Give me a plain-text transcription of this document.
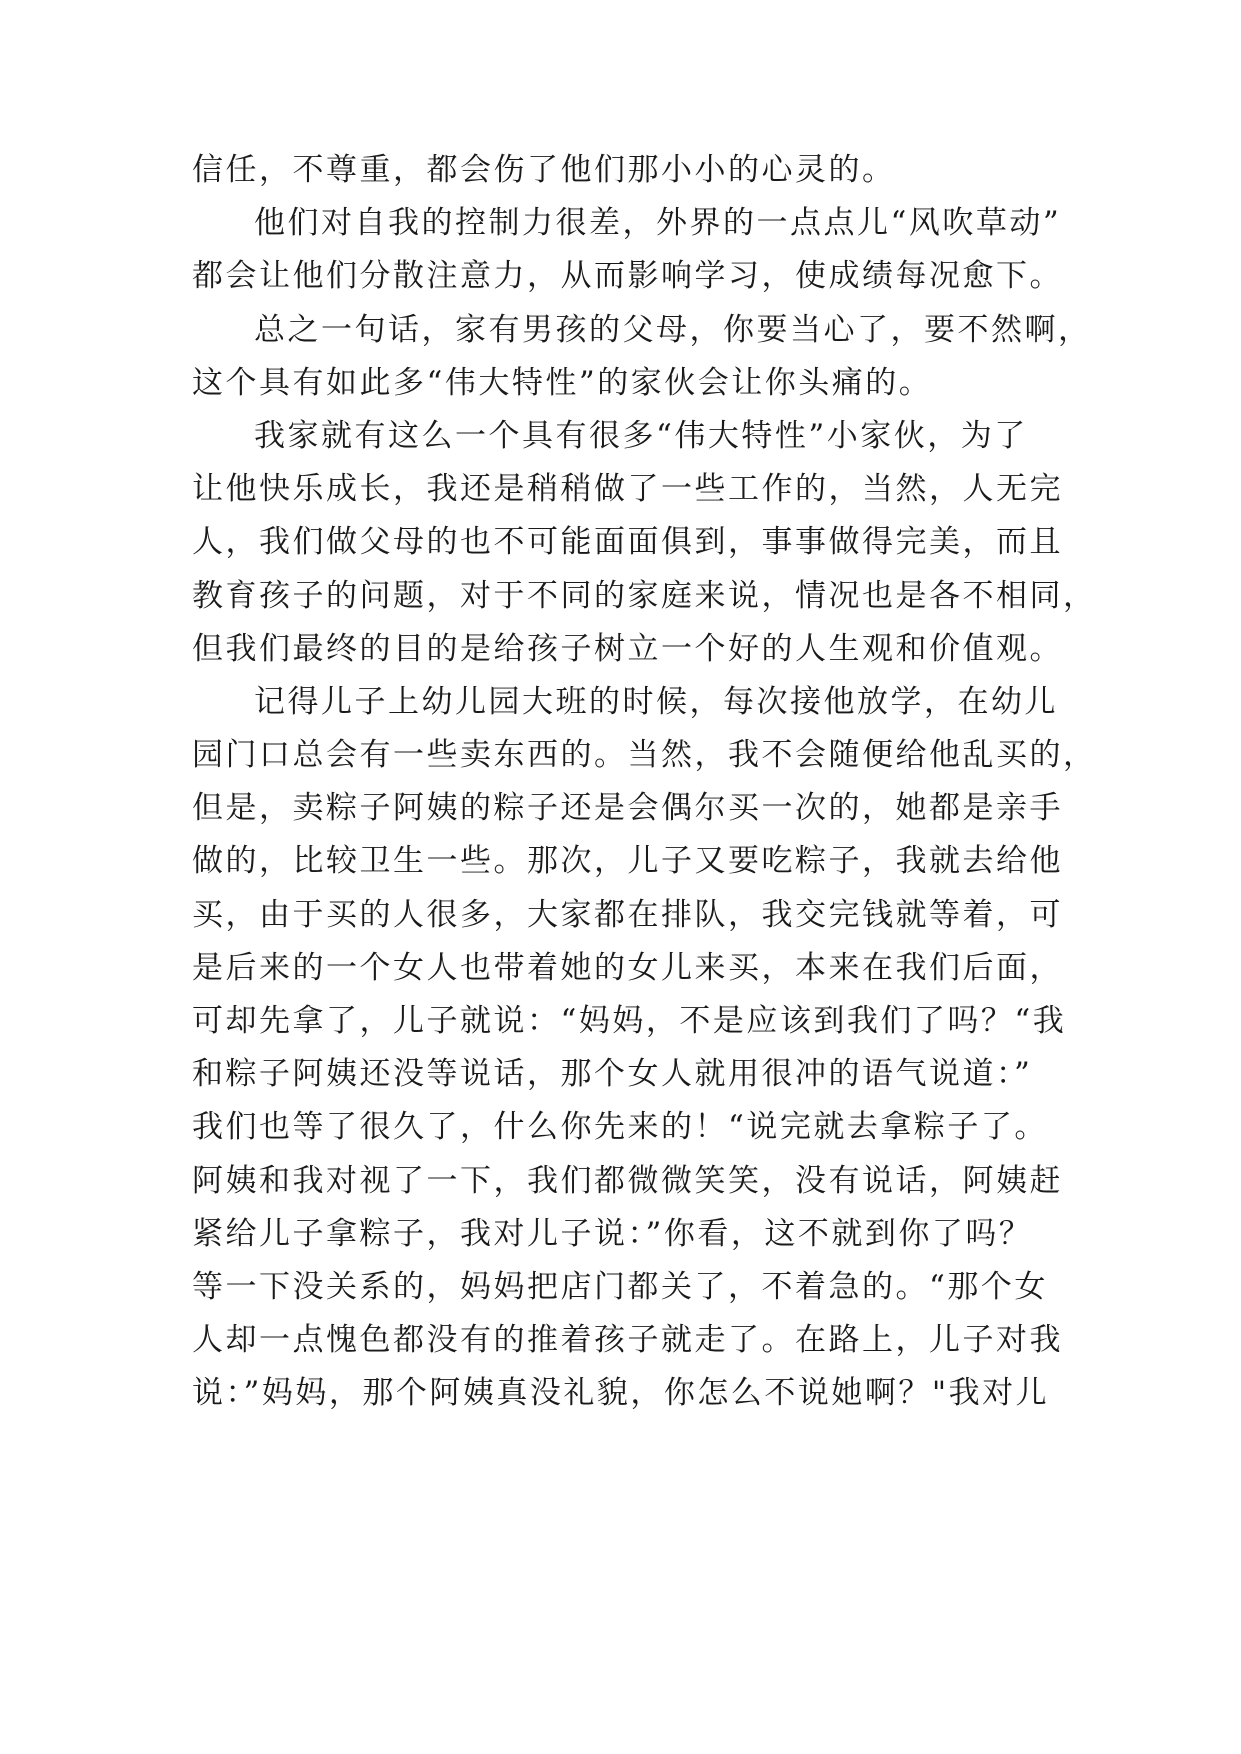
信任，不尊重，都会伤了他们那小小的心灵的。
他们对自我的控制力很差，外界的一点点儿“风吹草动”
都会让他们分散注意力，从而影响学习，使成绩每况愈下。
总之一句话，家有男孩的父母，你要当心了，要不然啊，
这个具有如此多“伟大特性”的家伙会让你头痛的。
我家就有这么一个具有很多“伟大特性”小家伙，为了
让他快乐成长，我还是稍稍做了一些工作的，当然，人无完
人，我们做父母的也不可能面面俱到，事事做得完美，而且
教育孩子的问题，对于不同的家庭来说，情况也是各不相同，
但我们最终的目的是给孩子树立一个好的人生观和价值观。
记得儿子上幼儿园大班的时候，每次接他放学，在幼儿
园门口总会有一些卖东西的。当然，我不会随便给他乱买的，
但是，卖粽子阿姨的粽子还是会偶尔买一次的，她都是亲手
做的，比较卫生一些。那次，儿子又要吃粽子，我就去给他
买，由于买的人很多，大家都在排队，我交完钱就等着，可
是后来的一个女人也带着她的女儿来买，本来在我们后面，
可却先拿了，儿子就说：“妈妈，不是应该到我们了吗？“我
和粽子阿姨还没等说话，那个女人就用很冲的语气说道：”
我们也等了很久了，什么你先来的！“说完就去拿粽子了。
阿姨和我对视了一下，我们都微微笑笑，没有说话，阿姨赶
紧给儿子拿粽子，我对儿子说：”你看，这不就到你了吗？
等一下没关系的，妈妈把店门都关了，不着急的。“那个女
人却一点愧色都没有的推着孩子就走了。在路上，儿子对我
说：”妈妈，那个阿姨真没礼貌，你怎么不说她啊？"我对儿
